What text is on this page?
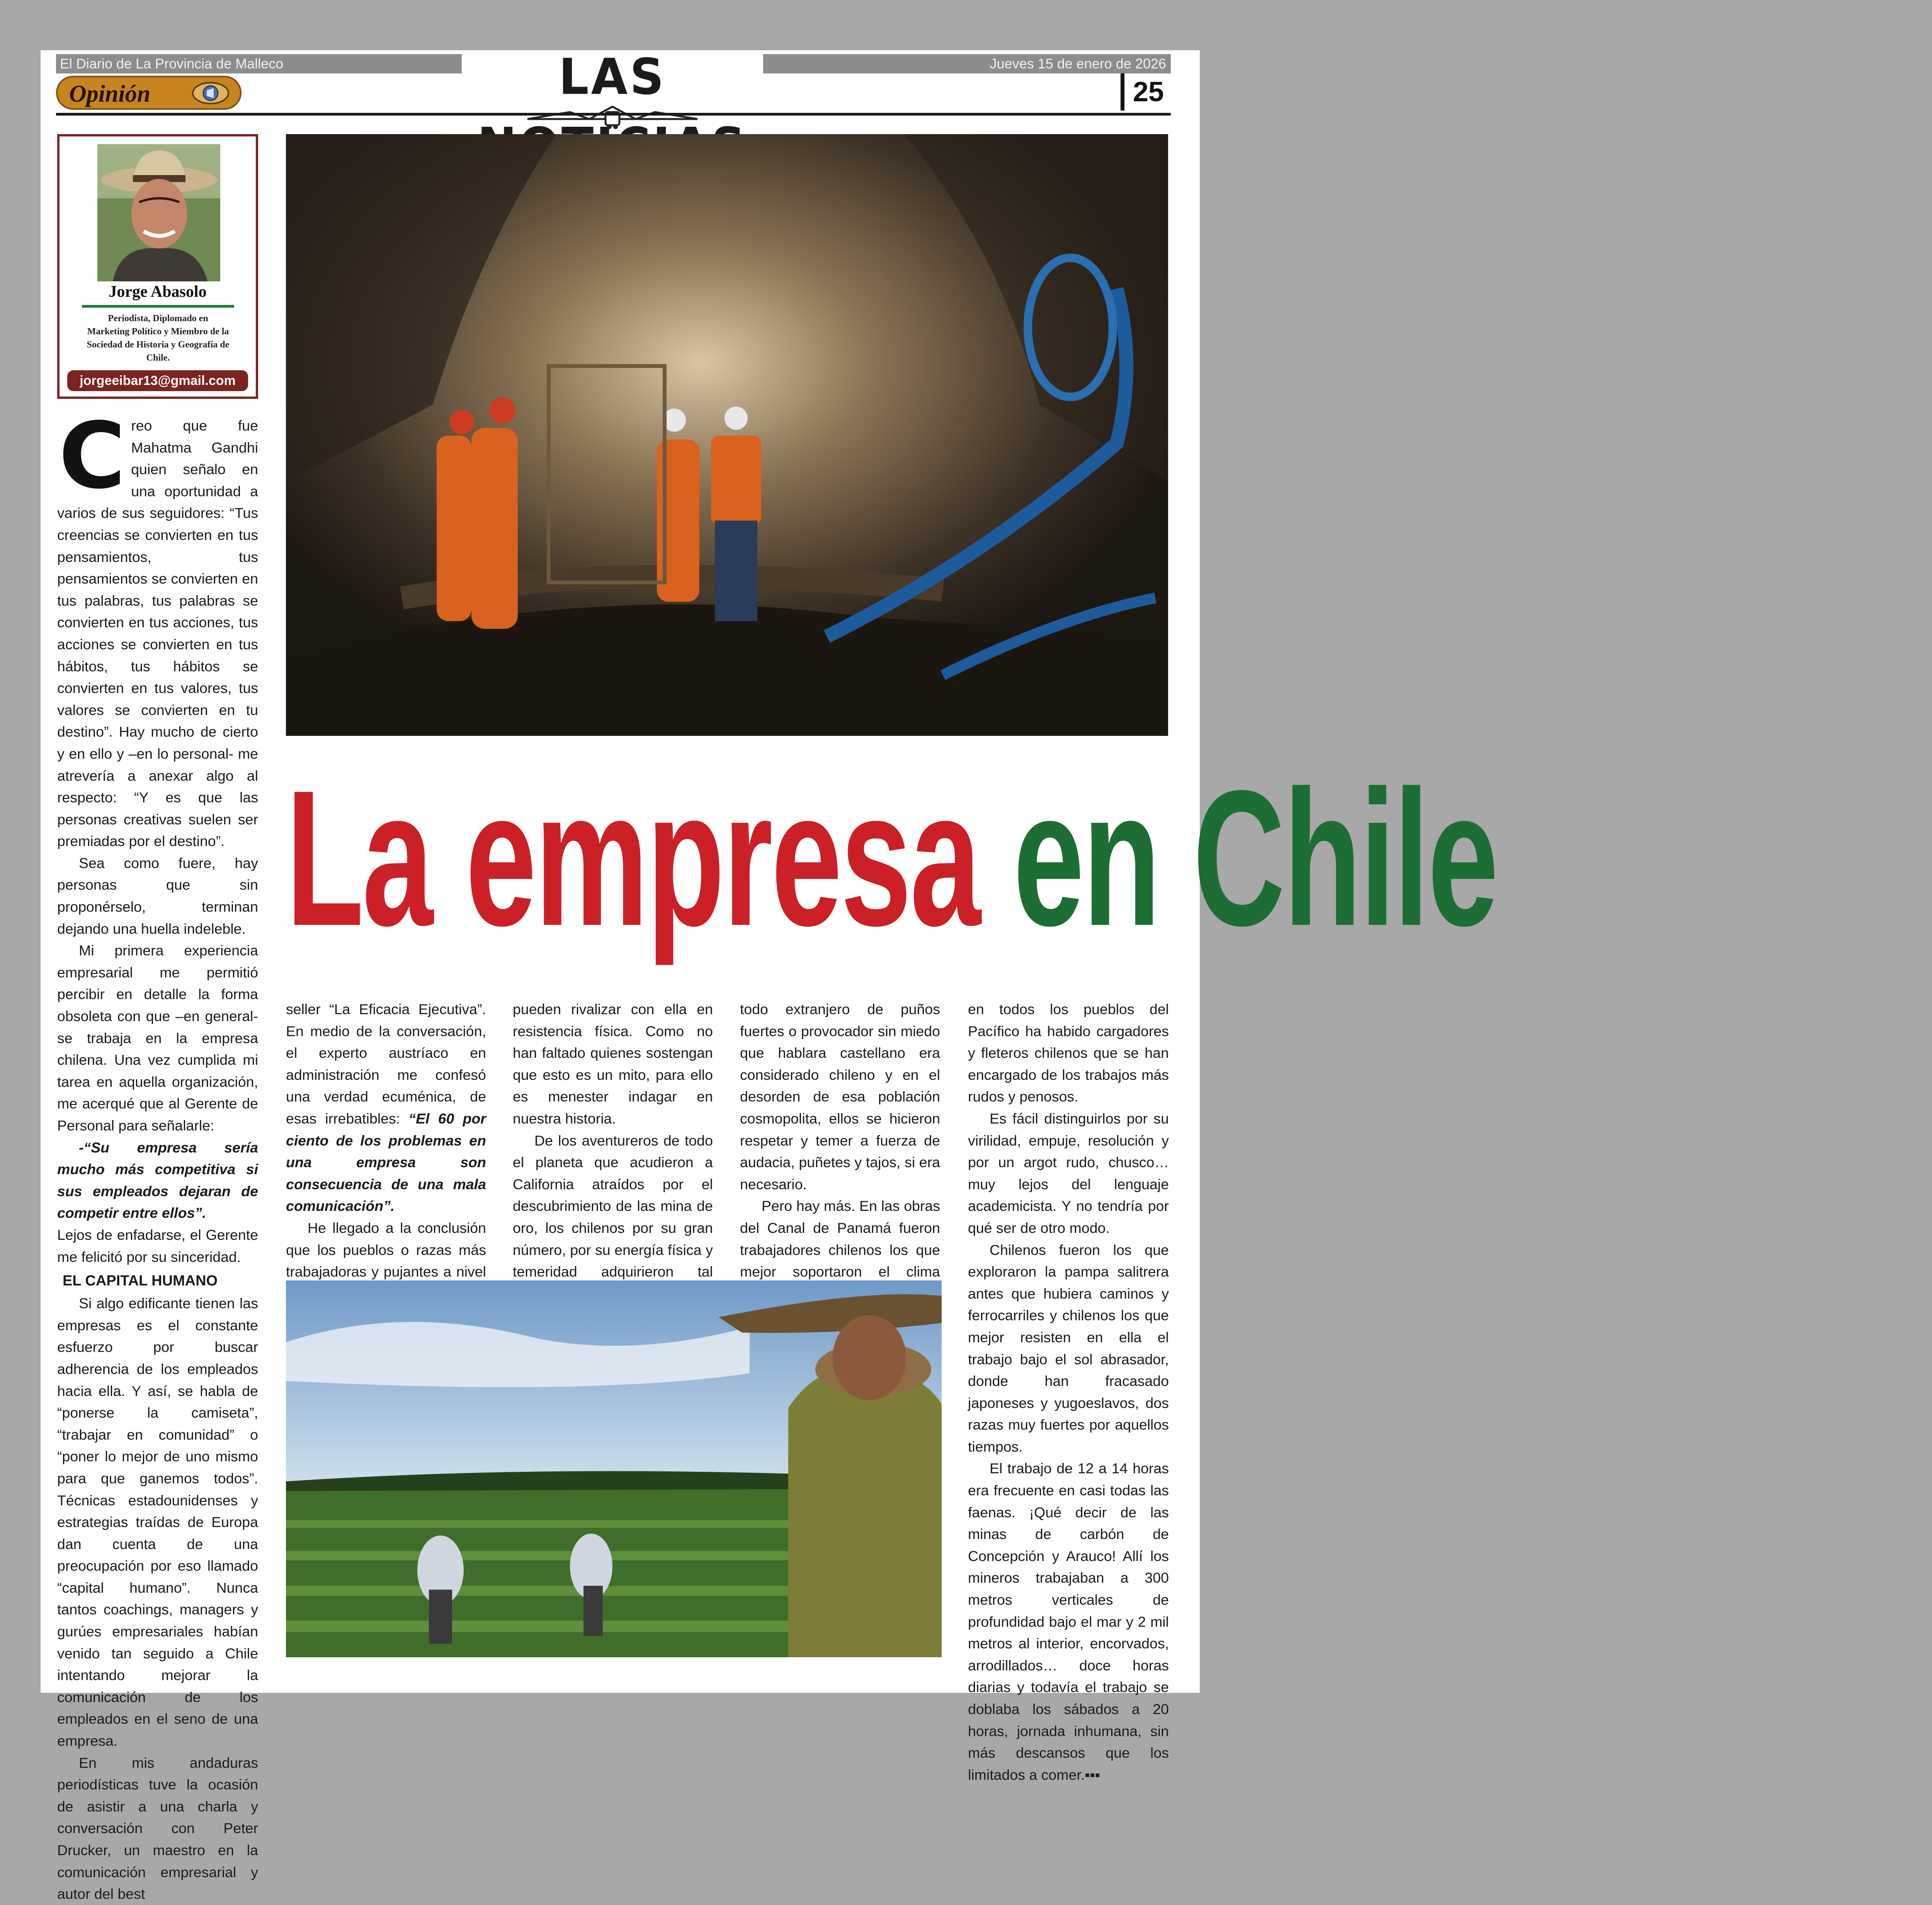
El Diario de La Provincia de Malleco	Jueves 15 de enero de 2026
LAS
Opinión	25
Jorge Abasolo
Periodista, Diplomado en Marketing Político y Miembro de la Sociedad de Historia y Geografía de Chile.
jorgeeibar13@gmail.com
La empresa en Chile

Creo que fue Mahatma Gandhi quien señalo en una oportunidad a varios de sus seguidores: “Tus creencias se convierten en tus pensamientos, tus pensamientos se convierten en tus palabras, tus palabras se convierten en tus acciones, tus acciones se convierten en tus hábitos, tus hábitos se convierten en tus valores, tus valores se convierten en tu destino”. Hay mucho de cierto y en ello y –en lo personal- me atrevería a anexar algo al respecto: “Y es que las personas creativas suelen ser premiadas por el destino”.

Sea como fuere, hay personas que sin proponérselo, terminan dejando una huella indeleble.

Mi primera experiencia empresarial me permitió percibir en detalle la forma obsoleta con que –en general- se trabaja en la empresa chilena. Una vez cumplida mi tarea en aquella organización, me acerqué que al Gerente de Personal para señalarle:

-“Su empresa sería mucho más competitiva si sus empleados dejaran de competir entre ellos”.

Lejos de enfadarse, el Gerente me felicitó por su sinceridad.

EL CAPITAL HUMANO

Si algo edificante tienen las empresas es el constante esfuerzo por buscar adherencia de los empleados hacia ella. Y así, se habla de “ponerse la camiseta”, “trabajar en comunidad” o “poner lo mejor de uno mismo para que ganemos todos”. Técnicas estadounidenses y estrategias traídas de Europa dan cuenta de una preocupación por eso llamado “capital humano”. Nunca tantos coachings, managers y gurúes empresariales habían venido tan seguido a Chile intentando mejorar la comunicación de los empleados en el seno de una empresa.

En mis andaduras periodísticas tuve la ocasión de asistir a una charla y conversación con Peter Drucker, un maestro en la comunicación empresarial y autor del best

seller “La Eficacia Ejecutiva”. En medio de la conversación, el experto austríaco en administración me confesó una verdad ecuménica, de esas irrebatibles: “El 60 por ciento de los problemas en una empresa son consecuencia de una mala comunicación”.

He llegado a la conclusión que los pueblos o razas más trabajadoras y pujantes a nivel

pueden rivalizar con ella en resistencia física. Como no han faltado quienes sostengan que esto es un mito, para ello es menester indagar en nuestra historia.

De los aventureros de todo el planeta que acudieron a California atraídos por el descubrimiento de las mina de oro, los chilenos por su gran número, por su energía física y temeridad adquirieron tal

todo extranjero de puños fuertes o provocador sin miedo que hablara castellano era considerado chileno y en el desorden de esa población cosmopolita, ellos se hicieron respetar y temer a fuerza de audacia, puñetes y tajos, si era necesario.

Pero hay más. En las obras del Canal de Panamá fueron trabajadores chilenos los que mejor soportaron el clima

en todos los pueblos del Pacífico ha habido cargadores y fleteros chilenos que se han encargado de los trabajos más rudos y penosos.

Es fácil distinguirlos por su virilidad, empuje, resolución y por un argot rudo, chusco… muy lejos del lenguaje academicista. Y no tendría por qué ser de otro modo.

Chilenos fueron los que exploraron la pampa salitrera antes que hubiera caminos y ferrocarriles y chilenos los que mejor resisten en ella el trabajo bajo el sol abrasador, donde han fracasado japoneses y yugoeslavos, dos razas muy fuertes por aquellos tiempos.

El trabajo de 12 a 14 horas era frecuente en casi todas las faenas. ¡Qué decir de las minas de carbón de Concepción y Arauco! Allí los mineros trabajaban a 300 metros verticales de profundidad bajo el mar y 2 mil metros al interior, encorvados, arrodillados… doce horas diarias y todavía el trabajo se doblaba los sábados a 20 horas, jornada inhumana, sin más descansos que los limitados a comer.▪▪▪
